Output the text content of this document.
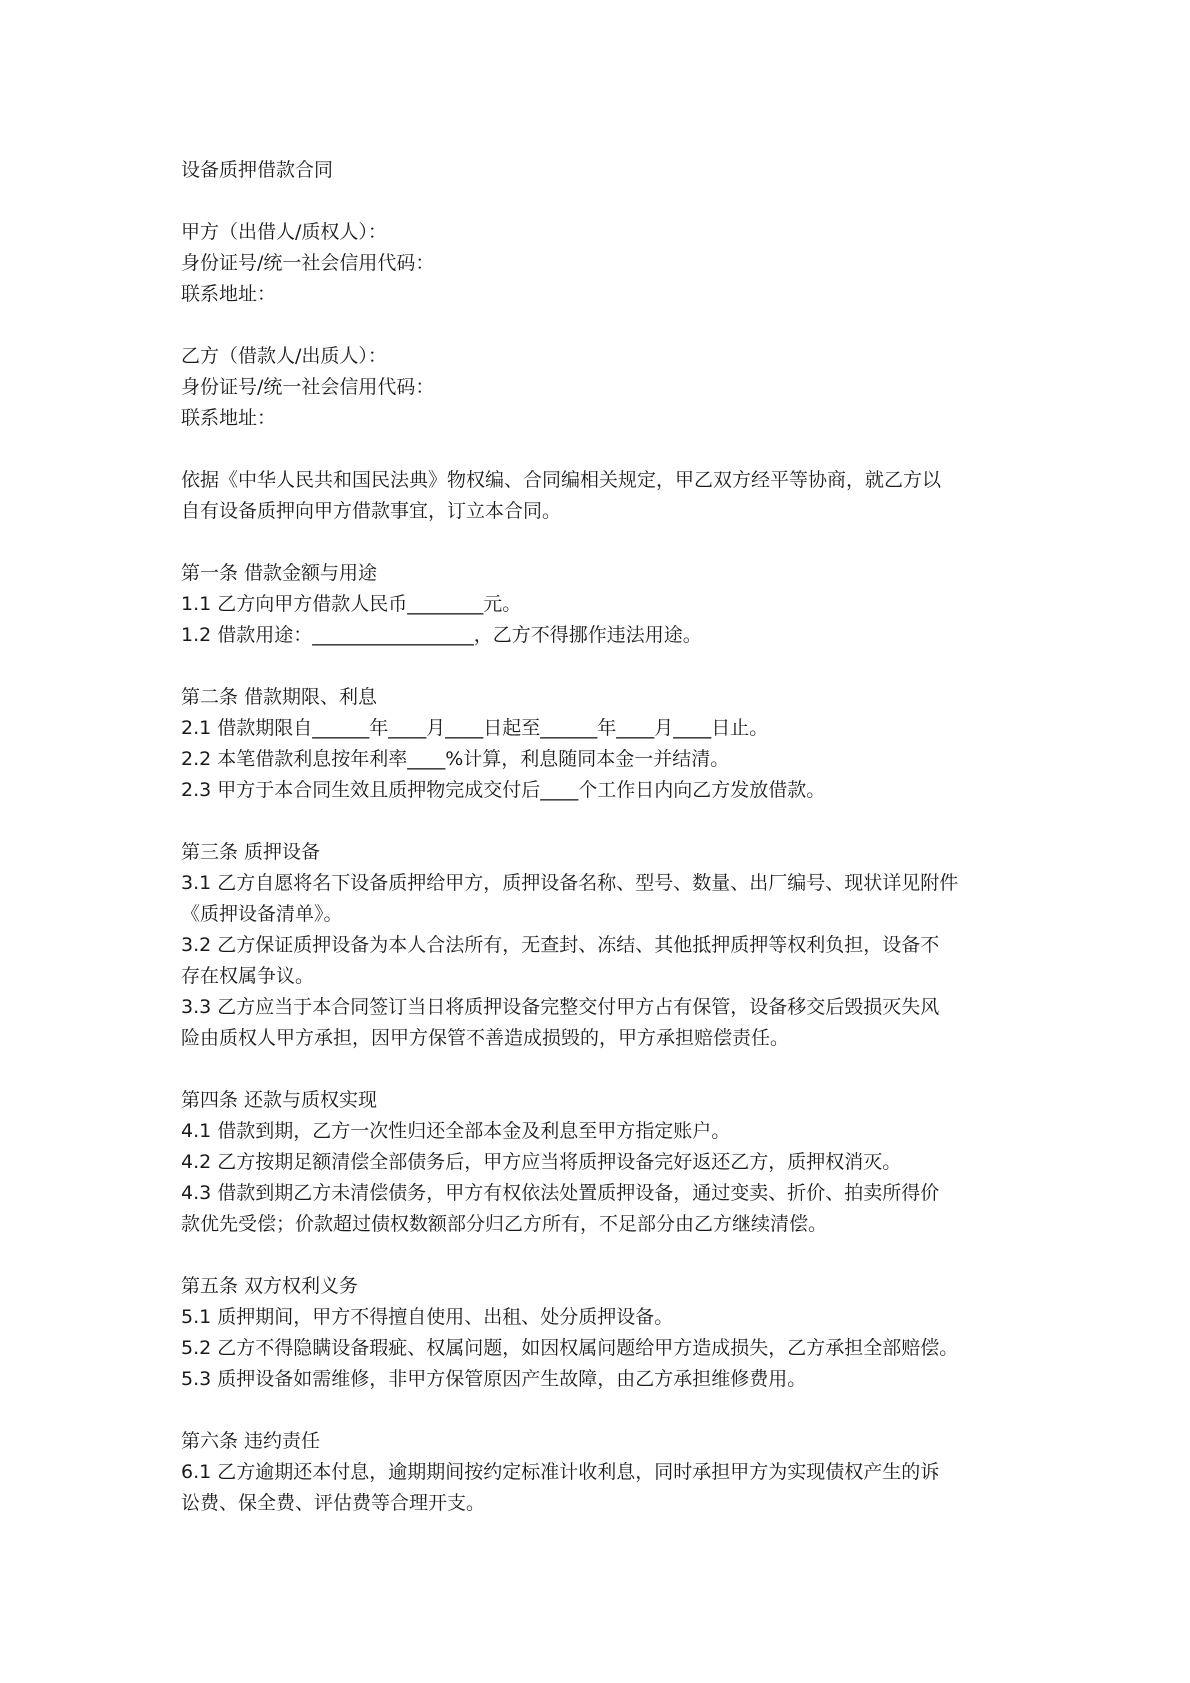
设备质押借款合同
甲方（出借人/质权人）：
身份证号/统一社会信用代码：
联系地址：
乙方（借款人/出质人）：
身份证号/统一社会信用代码：
联系地址：
依据《中华人民共和国民法典》物权编、合同编相关规定，甲乙双方经平等协商，就乙方以
自有设备质押向甲方借款事宜，订立本合同。
第一条 借款金额与用途
1.1 乙方向甲方借款人民币________元。
1.2 借款用途：_________________，乙方不得挪作违法用途。
第二条 借款期限、利息
2.1 借款期限自______年____月____日起至______年____月____日止。
2.2 本笔借款利息按年利率____%计算，利息随同本金一并结清。
2.3 甲方于本合同生效且质押物完成交付后____个工作日内向乙方发放借款。
第三条 质押设备
3.1 乙方自愿将名下设备质押给甲方，质押设备名称、型号、数量、出厂编号、现状详见附件
《质押设备清单》。
3.2 乙方保证质押设备为本人合法所有，无查封、冻结、其他抵押质押等权利负担，设备不
存在权属争议。
3.3 乙方应当于本合同签订当日将质押设备完整交付甲方占有保管，设备移交后毁损灭失风
险由质权人甲方承担，因甲方保管不善造成损毁的，甲方承担赔偿责任。
第四条 还款与质权实现
4.1 借款到期，乙方一次性归还全部本金及利息至甲方指定账户。
4.2 乙方按期足额清偿全部债务后，甲方应当将质押设备完好返还乙方，质押权消灭。
4.3 借款到期乙方未清偿债务，甲方有权依法处置质押设备，通过变卖、折价、拍卖所得价
款优先受偿；价款超过债权数额部分归乙方所有，不足部分由乙方继续清偿。
第五条 双方权利义务
5.1 质押期间，甲方不得擅自使用、出租、处分质押设备。
5.2 乙方不得隐瞒设备瑕疵、权属问题，如因权属问题给甲方造成损失，乙方承担全部赔偿。
5.3 质押设备如需维修，非甲方保管原因产生故障，由乙方承担维修费用。
第六条 违约责任
6.1 乙方逾期还本付息，逾期期间按约定标准计收利息，同时承担甲方为实现债权产生的诉
讼费、保全费、评估费等合理开支。
